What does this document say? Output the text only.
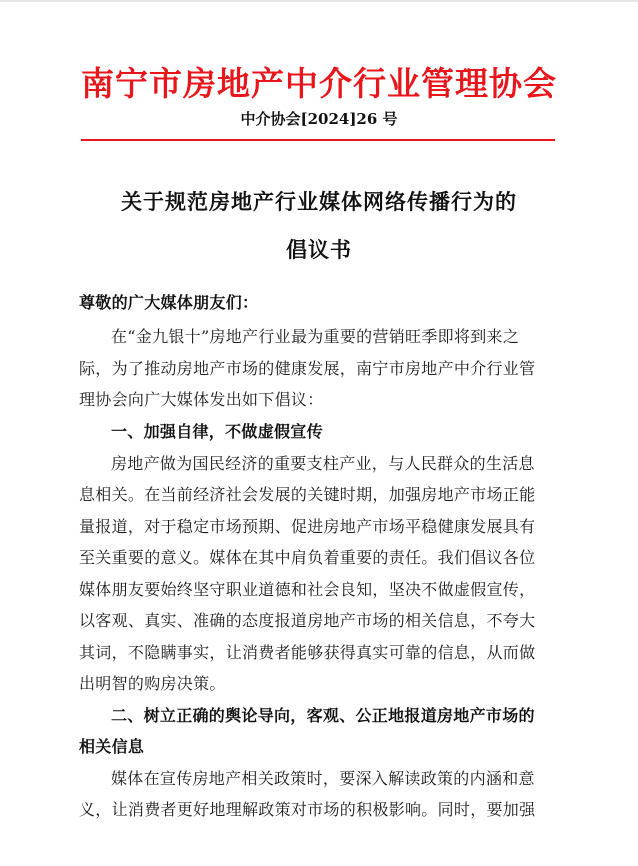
南宁市房地产中介行业管理协会
中介协会[2024]26 号
关于规范房地产行业媒体网络传播行为的
倡议书
尊敬的广大媒体朋友们：
在“金九银十”房地产行业最为重要的营销旺季即将到来之
际，为了推动房地产市场的健康发展，南宁市房地产中介行业管
理协会向广大媒体发出如下倡议：
一、加强自律，不做虚假宣传
房地产做为国民经济的重要支柱产业，与人民群众的生活息
息相关。在当前经济社会发展的关键时期，加强房地产市场正能
量报道，对于稳定市场预期、促进房地产市场平稳健康发展具有
至关重要的意义。媒体在其中肩负着重要的责任。我们倡议各位
媒体朋友要始终坚守职业道德和社会良知，坚决不做虚假宣传，
以客观、真实、准确的态度报道房地产市场的相关信息，不夸大
其词，不隐瞒事实，让消费者能够获得真实可靠的信息，从而做
出明智的购房决策。
二、树立正确的舆论导向，客观、公正地报道房地产市场的
相关信息
媒体在宣传房地产相关政策时，要深入解读政策的内涵和意
义，让消费者更好地理解政策对市场的积极影响。同时，要加强
